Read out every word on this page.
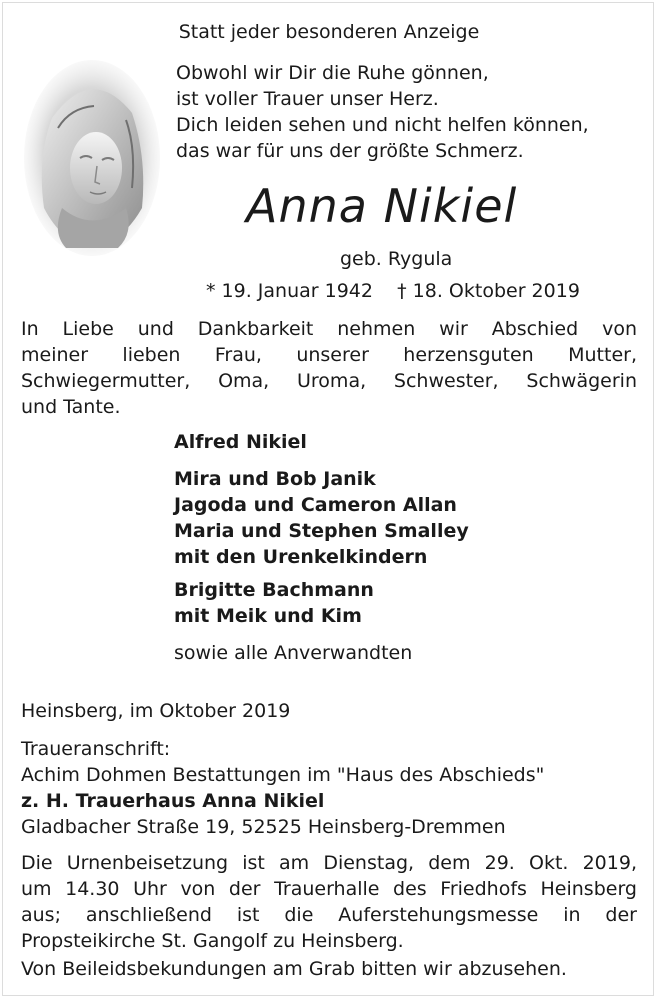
Statt jeder besonderen Anzeige
Obwohl wir Dir die Ruhe gönnen,
ist voller Trauer unser Herz.
Dich leiden sehen und nicht helfen können,
das war für uns der größte Schmerz.
Anna Nikiel
geb. Rygula
* 19. Januar 1942    † 18. Oktober 2019
In Liebe und Dankbarkeit nehmen wir Abschied von
meiner lieben Frau, unserer herzensguten Mutter,
Schwiegermutter, Oma, Uroma, Schwester, Schwägerin
und Tante.
Alfred Nikiel
Mira und Bob Janik
Jagoda und Cameron Allan
Maria und Stephen Smalley
mit den Urenkelkindern
Brigitte Bachmann
mit Meik und Kim
sowie alle Anverwandten
Heinsberg, im Oktober 2019
Traueranschrift:
Achim Dohmen Bestattungen im "Haus des Abschieds"
z. H. Trauerhaus Anna Nikiel
Gladbacher Straße 19, 52525 Heinsberg-Dremmen
Die Urnenbeisetzung ist am Dienstag, dem 29. Okt. 2019,
um 14.30 Uhr von der Trauerhalle des Friedhofs Heinsberg
aus; anschließend ist die Auferstehungsmesse in der
Propsteikirche St. Gangolf zu Heinsberg.
Von Beileidsbekundungen am Grab bitten wir abzusehen.
